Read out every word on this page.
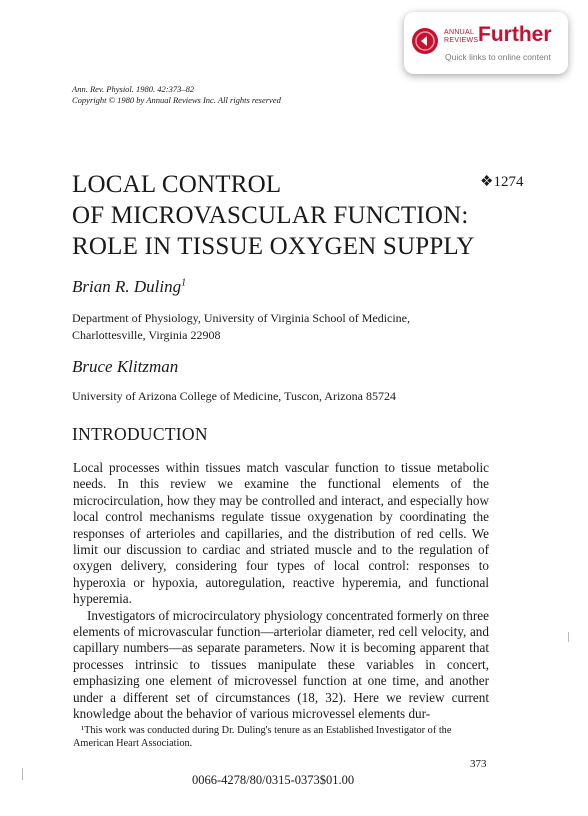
ANNUAL
REVIEWS Further
Quick links to online content
Ann. Rev. Physiol. 1980. 42:373–82
Copyright © 1980 by Annual Reviews Inc. All rights reserved
LOCAL CONTROL
OF MICROVASCULAR FUNCTION:
ROLE IN TISSUE OXYGEN SUPPLY
❖1274
Brian R. Duling$^1$
Department of Physiology, University of Virginia School of Medicine,
Charlottesville, Virginia 22908
Bruce Klitzman
University of Arizona College of Medicine, Tuscon, Arizona 85724
INTRODUCTION

Local processes within tissues match vascular function to tissue metabolic needs. In this review we examine the functional elements of the microcirculation, how they may be controlled and interact, and especially how local control mechanisms regulate tissue oxygenation by coordinating the responses of arterioles and capillaries, and the distribution of red cells. We limit our discussion to cardiac and striated muscle and to the regulation of oxygen delivery, considering four types of local control: responses to hyperoxia or hypoxia, autoregulation, reactive hyperemia, and functional hyperemia.

Investigators of microcirculatory physiology concentrated formerly on three elements of microvascular function—arteriolar diameter, red cell velocity, and capillary numbers—as separate parameters. Now it is becoming apparent that processes intrinsic to tissues manipulate these variables in concert, emphasizing one element of microvessel function at one time, and another under a different set of circumstances (18, 32). Here we review current knowledge about the behavior of various microvessel elements dur-

¹This work was conducted during Dr. Duling's tenure as an Established Investigator of the American Heart Association.

373
0066-4278/80/0315-0373$01.00
